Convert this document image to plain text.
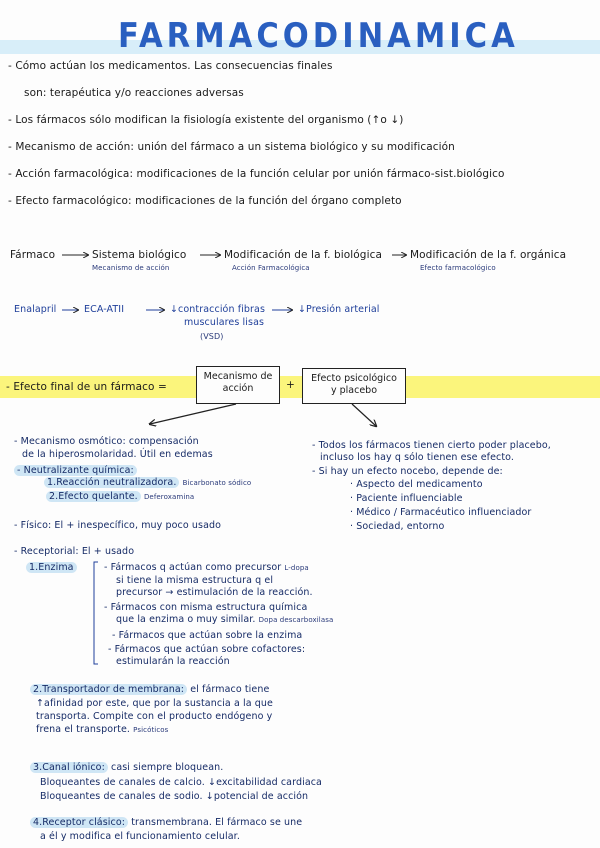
FARMACODINAMICA
- Cómo actúan los medicamentos. Las consecuencias finales
son: terapéutica y/o reacciones adversas
- Los fármacos sólo modifican la fisiología existente del organismo (↑o ↓)
- Mecanismo de acción: unión del fármaco a un sistema biológico y su modificación
- Acción farmacológica: modificaciones de la función celular por unión fármaco-sist.biológico
- Efecto farmacológico: modificaciones de la función del órgano completo
Fármaco	Sistema biológico	Modificación de la f. biológica	Modificación de la f. orgánica
Mecanismo de acción	Acción Farmacológica	Efecto farmacológico
Enalapril	ECA-ATII	↓contracción fibras
musculares lisas
(VSD)
↓Presión arterial
- Efecto final de un fármaco =
Mecanismo de acción	+
Efecto psicológico y placebo
- Mecanismo osmótico: compensación
de la hiperosmolaridad. Útil en edemas
- Neutralizante química:
1.Reacción neutralizadora. Bicarbonato sódico
2.Efecto quelante. Deferoxamina
- Físico: El + inespecífico, muy poco usado
- Receptorial: El + usado
1.Enzima	- Fármacos q actúan como precursor L-dopa
si tiene la misma estructura q el
precursor → estimulación de la reacción.
- Fármacos con misma estructura química
que la enzima o muy similar. Dopa descarboxilasa
- Fármacos que actúan sobre la enzima
- Fármacos que actúan sobre cofactores:
estimularán la reacción
2.Transportador de membrana: el fármaco tiene
↑afinidad por este, que por la sustancia a la que
transporta. Compite con el producto endógeno y
frena el transporte. Psicóticos
3.Canal iónico: casi siempre bloquean.
Bloqueantes de canales de calcio. ↓excitabilidad cardiaca
Bloqueantes de canales de sodio. ↓potencial de acción
4.Receptor clásico: transmembrana. El fármaco se une
a él y modifica el funcionamiento celular.
- Todos los fármacos tienen cierto poder placebo,
incluso los hay q sólo tienen ese efecto.
- Si hay un efecto nocebo, depende de:
· Aspecto del medicamento
· Paciente influenciable
· Médico / Farmacéutico influenciador
· Sociedad, entorno
